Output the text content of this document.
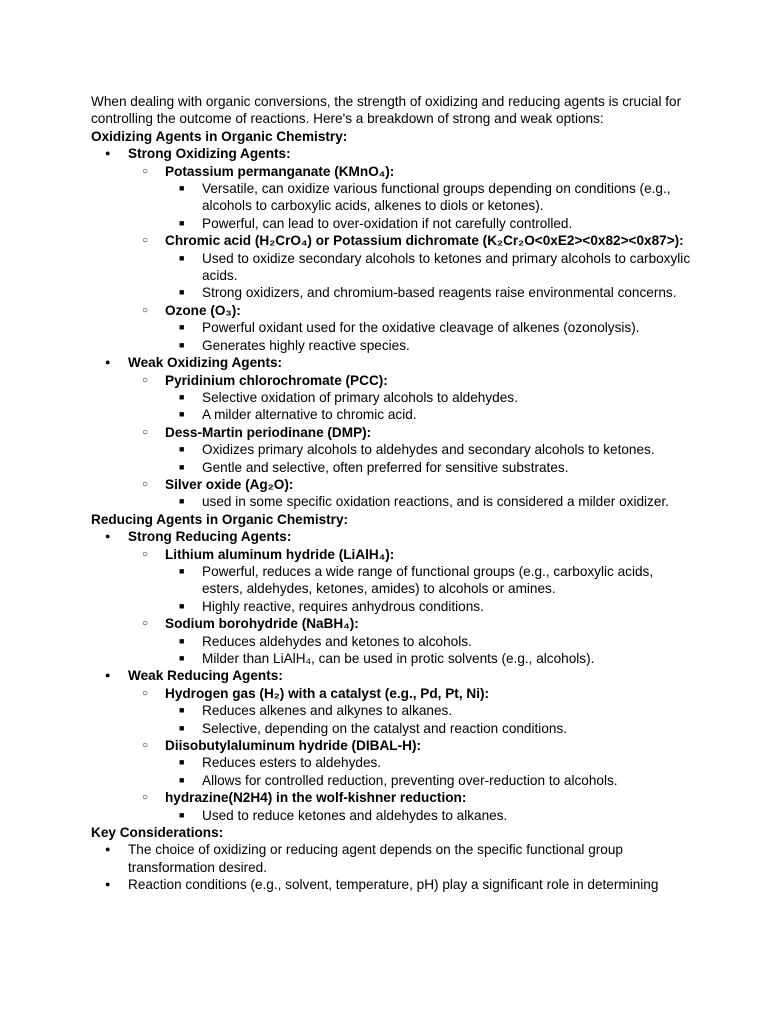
When dealing with organic conversions, the strength of oxidizing and reducing agents is crucial for controlling the outcome of reactions. Here's a breakdown of strong and weak options:

Oxidizing Agents in Organic Chemistry:

● Strong Oxidizing Agents:
○ Potassium permanganate (KMnO₄):
■ Versatile, can oxidize various functional groups depending on conditions (e.g., alcohols to carboxylic acids, alkenes to diols or ketones).
■ Powerful, can lead to over-oxidation if not carefully controlled.
○ Chromic acid (H₂CrO₄) or Potassium dichromate (K₂Cr₂O<0xE2><0x82><0x87>):
■ Used to oxidize secondary alcohols to ketones and primary alcohols to carboxylic acids.
■ Strong oxidizers, and chromium-based reagents raise environmental concerns.
○ Ozone (O₃):
■ Powerful oxidant used for the oxidative cleavage of alkenes (ozonolysis).
■ Generates highly reactive species.
● Weak Oxidizing Agents:
○ Pyridinium chlorochromate (PCC):
■ Selective oxidation of primary alcohols to aldehydes.
■ A milder alternative to chromic acid.
○ Dess-Martin periodinane (DMP):
■ Oxidizes primary alcohols to aldehydes and secondary alcohols to ketones.
■ Gentle and selective, often preferred for sensitive substrates.
○ Silver oxide (Ag₂O):
■ used in some specific oxidation reactions, and is considered a milder oxidizer.

Reducing Agents in Organic Chemistry:

● Strong Reducing Agents:
○ Lithium aluminum hydride (LiAlH₄):
■ Powerful, reduces a wide range of functional groups (e.g., carboxylic acids, esters, aldehydes, ketones, amides) to alcohols or amines.
■ Highly reactive, requires anhydrous conditions.
○ Sodium borohydride (NaBH₄):
■ Reduces aldehydes and ketones to alcohols.
■ Milder than LiAlH₄, can be used in protic solvents (e.g., alcohols).
● Weak Reducing Agents:
○ Hydrogen gas (H₂) with a catalyst (e.g., Pd, Pt, Ni):
■ Reduces alkenes and alkynes to alkanes.
■ Selective, depending on the catalyst and reaction conditions.
○ Diisobutylaluminum hydride (DIBAL-H):
■ Reduces esters to aldehydes.
■ Allows for controlled reduction, preventing over-reduction to alcohols.
○ hydrazine(N2H4) in the wolf-kishner reduction:
■ Used to reduce ketones and aldehydes to alkanes.

Key Considerations:

● The choice of oxidizing or reducing agent depends on the specific functional group transformation desired.
● Reaction conditions (e.g., solvent, temperature, pH) play a significant role in determining
